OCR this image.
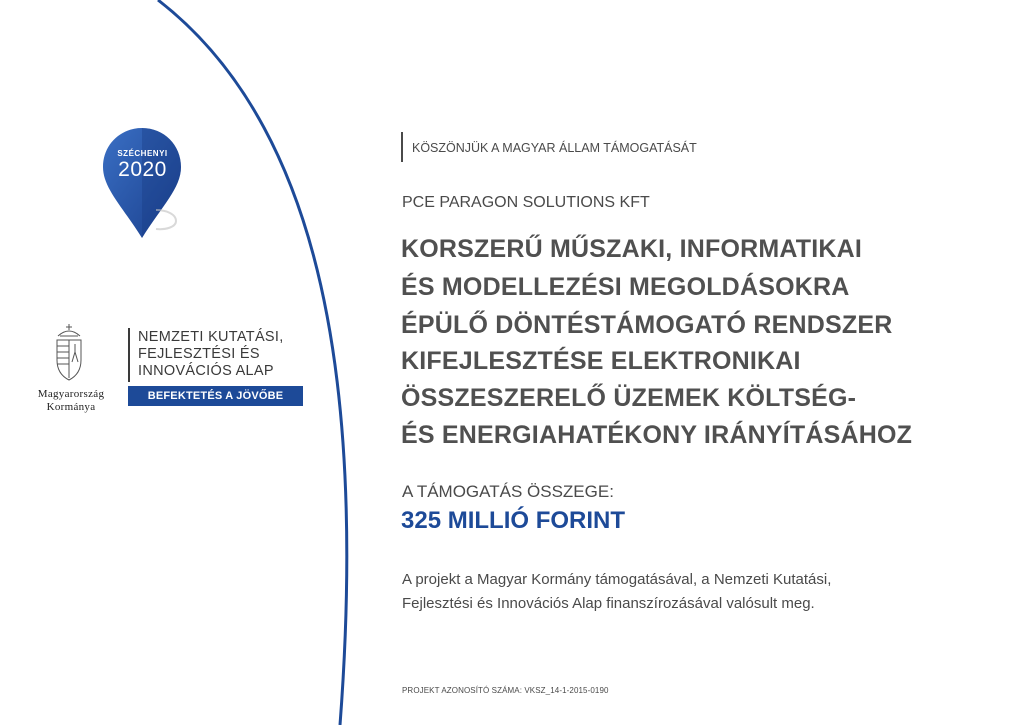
SZÉCHENYI
2020
Magyarország
Kormánya
NEMZETI KUTATÁSI,
FEJLESZTÉSI ÉS
INNOVÁCIÓS ALAP
BEFEKTETÉS A JÖVŐBE
KÖSZÖNJÜK A MAGYAR ÁLLAM TÁMOGATÁSÁT
PCE PARAGON SOLUTIONS KFT
KORSZERŰ MŰSZAKI, INFORMATIKAI
ÉS MODELLEZÉSI MEGOLDÁSOKRA
ÉPÜLŐ DÖNTÉSTÁMOGATÓ RENDSZER
KIFEJLESZTÉSE ELEKTRONIKAI
ÖSSZESZERELŐ ÜZEMEK KÖLTSÉG-
ÉS ENERGIAHATÉKONY IRÁNYÍTÁSÁHOZ
A TÁMOGATÁS ÖSSZEGE:
325 MILLIÓ FORINT
A projekt a Magyar Kormány támogatásával, a Nemzeti Kutatási,
Fejlesztési és Innovációs Alap finanszírozásával valósult meg.
PROJEKT AZONOSÍTÓ SZÁMA: VKSZ_14-1-2015-0190
